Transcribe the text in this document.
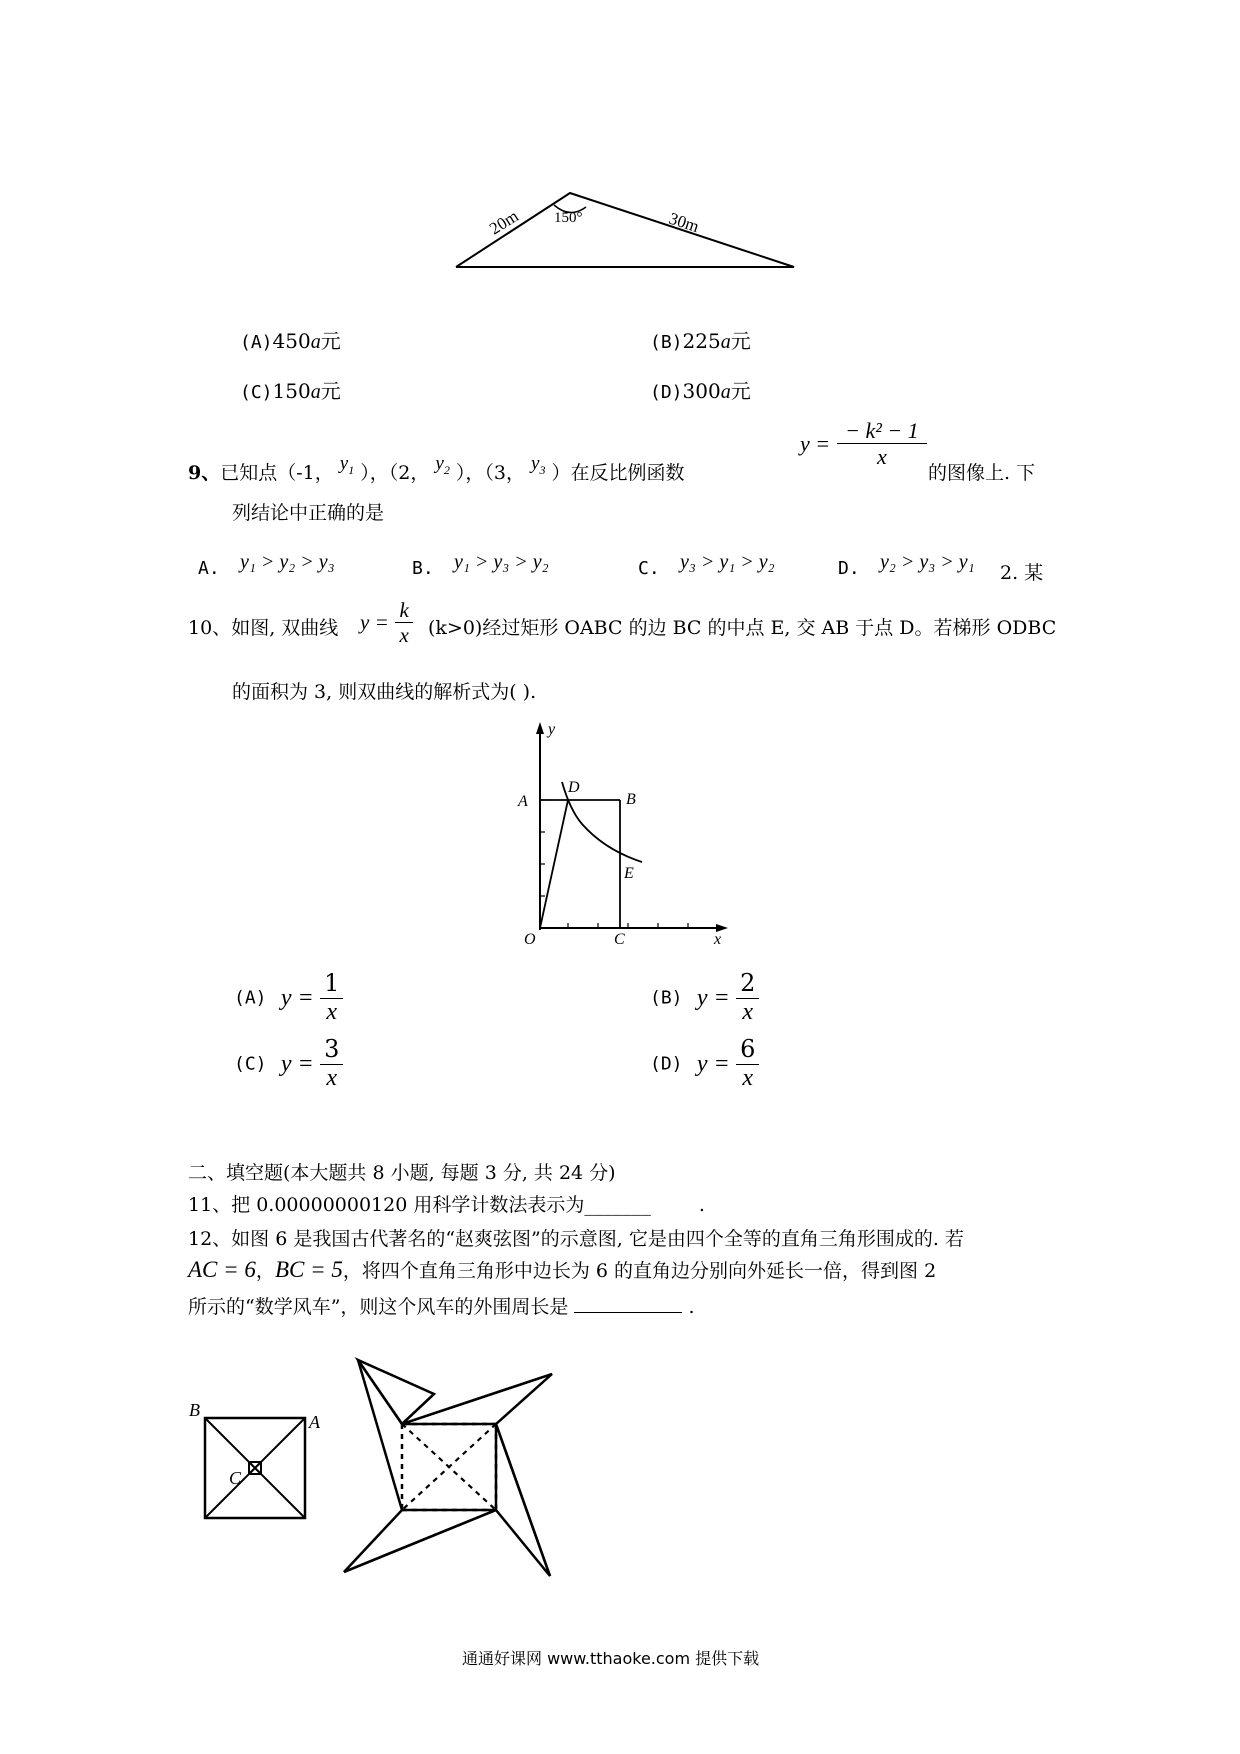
20m 150°	30m
(A)450a元	(B)225a元
(C)150a元	(D)300a元
9、已知点（-1， $y_1$ ），（2， $y_2$ ），（3， $y_3$ ）在反比例函数
$y = \frac{\text{− k² − 1}}{x}$
的图像上. 下
列结论中正确的是
A. y₁ > y₂ > y₃	B. y₁ > y₃ > y₂	C. y₃ > y₁ > y₂	D. y₂ > y₃ > y₁ 2. 某
10、如图, 双曲线 $y = \frac{k}{x} (k>0)$经过矩形 OABC 的边 BC 的中点 E, 交 AB 于点 D。若梯形 ODBC
的面积为 3, 则双曲线的解析式为( ).
y
A
D
B
E
O	C	x
(A) $y = \frac{1}{x}$	(B) $y = \frac{2}{x}$
(C) $y = \frac{3}{x}$	(D) $y = \frac{6}{x}$
二、填空题(本大题共 8 小题, 每题 3 分, 共 24 分)
11、把 0.00000000120 用科学计数法表示为_______	.
12、如图 6 是我国古代著名的“赵爽弦图”的示意图, 它是由四个全等的直角三角形围成的. 若
AC = 6，BC = 5，将四个直角三角形中边长为 6 的直角边分别向外延长一倍，得到图 2
所示的“数学风车”，则这个风车的外围周长是	.
B
A
C
通通好课网 www.tthaoke.com 提供下载
